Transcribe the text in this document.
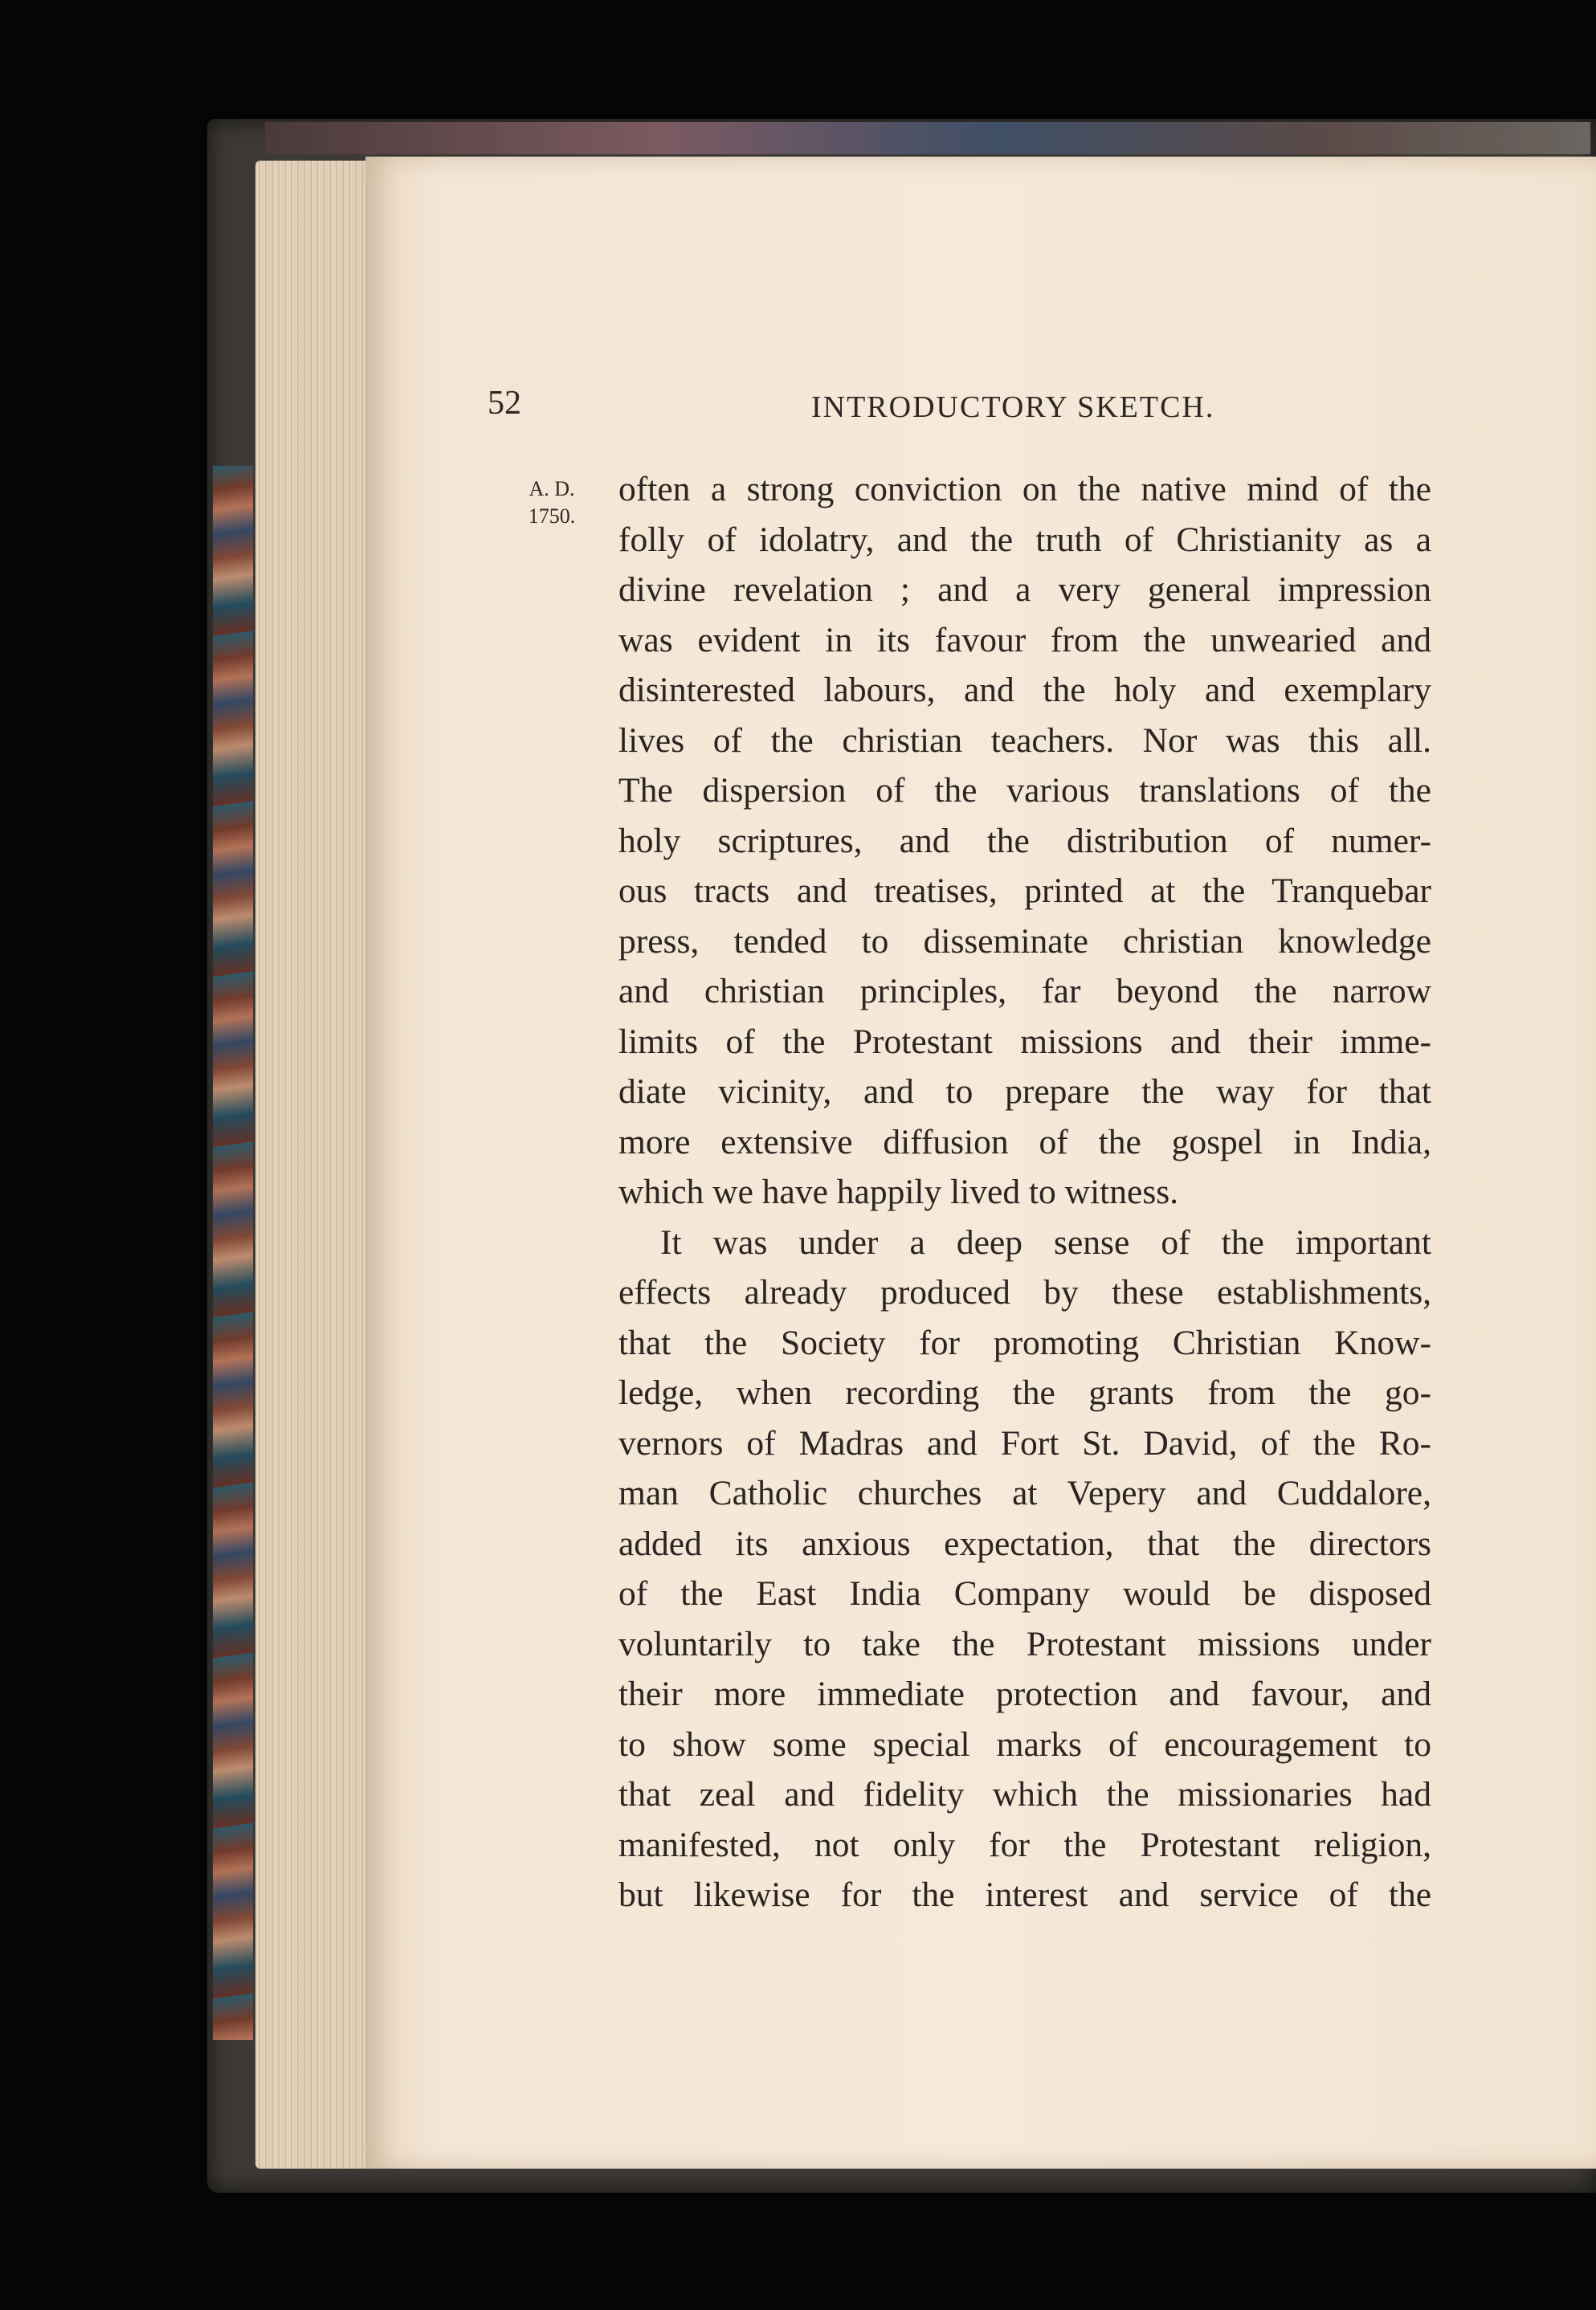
52	INTRODUCTORY SKETCH.
A. D.
1750.
often a strong conviction on the native mind of the
folly of idolatry, and the truth of Christianity as a
divine revelation ; and a very general impression
was evident in its favour from the unwearied and
disinterested labours, and the holy and exemplary
lives of the christian teachers. Nor was this all.
The dispersion of the various translations of the
holy scriptures, and the distribution of numer-
ous tracts and treatises, printed at the Tranquebar
press, tended to disseminate christian knowledge
and christian principles, far beyond the narrow
limits of the Protestant missions and their imme-
diate vicinity, and to prepare the way for that
more extensive diffusion of the gospel in India,
which we have happily lived to witness.
It was under a deep sense of the important
effects already produced by these establishments,
that the Society for promoting Christian Know-
ledge, when recording the grants from the go-
vernors of Madras and Fort St. David, of the Ro-
man Catholic churches at Vepery and Cuddalore,
added its anxious expectation, that the directors
of the East India Company would be disposed
voluntarily to take the Protestant missions under
their more immediate protection and favour, and
to show some special marks of encouragement to
that zeal and fidelity which the missionaries had
manifested, not only for the Protestant religion,
but likewise for the interest and service of the
